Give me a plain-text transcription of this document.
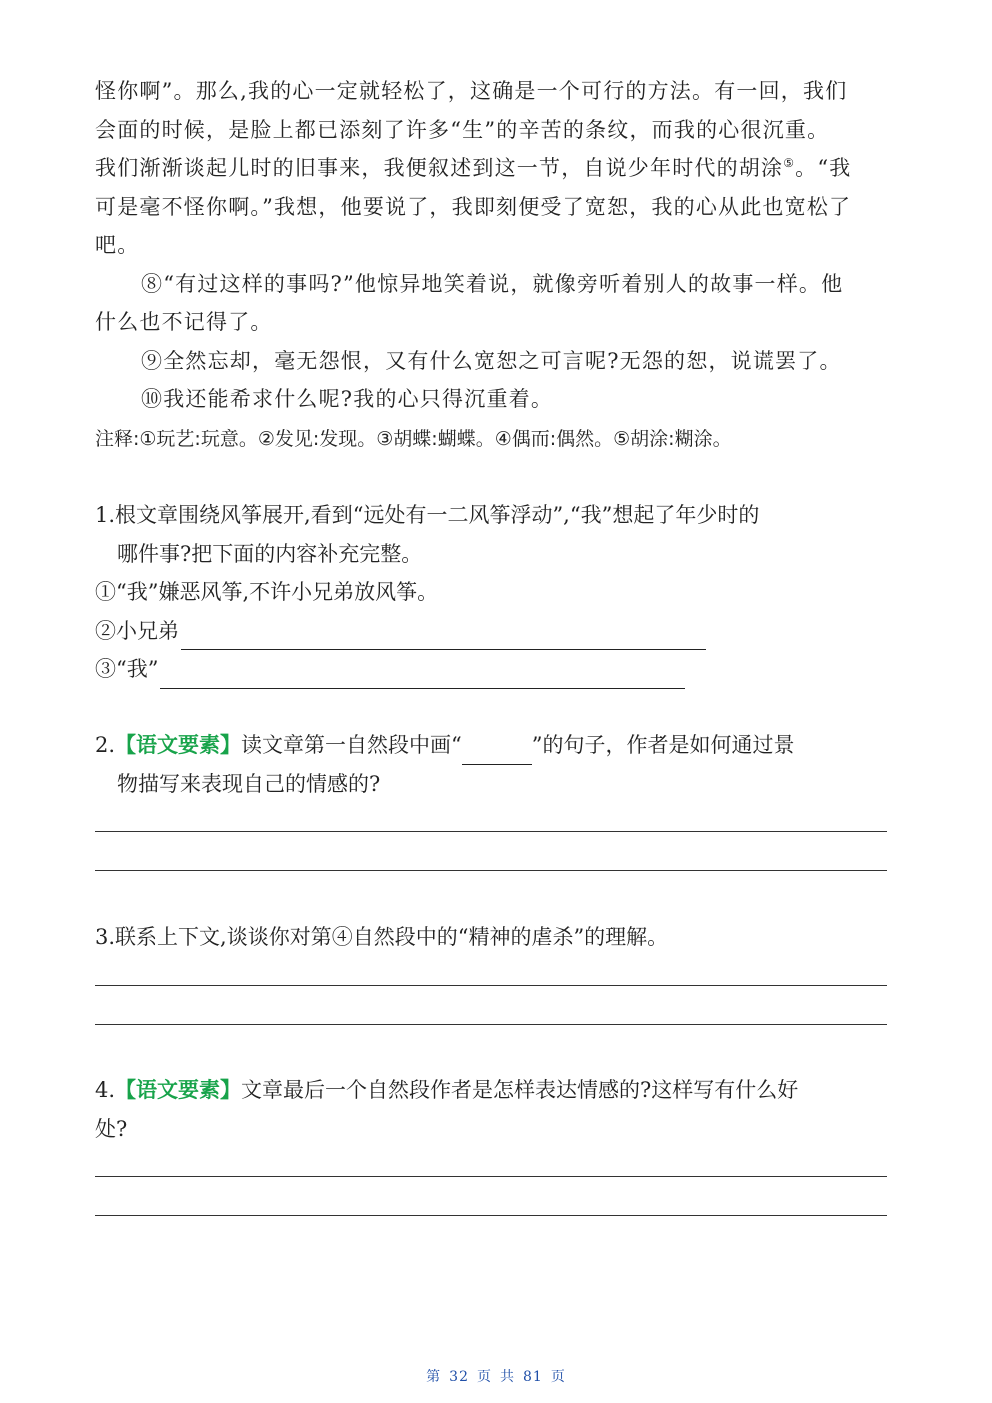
怪你啊”。那么,我的心一定就轻松了，这确是一个可行的方法。有一回，我们
会面的时候，是脸上都已添刻了许多“生”的辛苦的条纹，而我的心很沉重。
我们渐渐谈起儿时的旧事来，我便叙述到这一节，自说少年时代的胡涂⑤。“我
可是毫不怪你啊。”我想，他要说了，我即刻便受了宽恕，我的心从此也宽松了
吧。
⑧“有过这样的事吗?”他惊异地笑着说，就像旁听着别人的故事一样。他
什么也不记得了。
⑨全然忘却，毫无怨恨，又有什么宽恕之可言呢?无怨的恕，说谎罢了。
⑩我还能希求什么呢?我的心只得沉重着。
注释:①玩艺:玩意。②发见:发现。③胡蝶:蝴蝶。④偶而:偶然。⑤胡涂:糊涂。
1.根文章围绕风筝展开,看到“远处有一二风筝浮动”,“我”想起了年少时的
哪件事?把下面的内容补充完整。
①“我”嫌恶风筝,不许小兄弟放风筝。
②小兄弟
③“我”
2.【语文要素】读文章第一自然段中画“	”的句子，作者是如何通过景
物描写来表现自己的情感的?
3.联系上下文,谈谈你对第④自然段中的“精神的虐杀”的理解。
4.【语文要素】文章最后一个自然段作者是怎样表达情感的?这样写有什么好
处?
第 32 页 共 81 页
